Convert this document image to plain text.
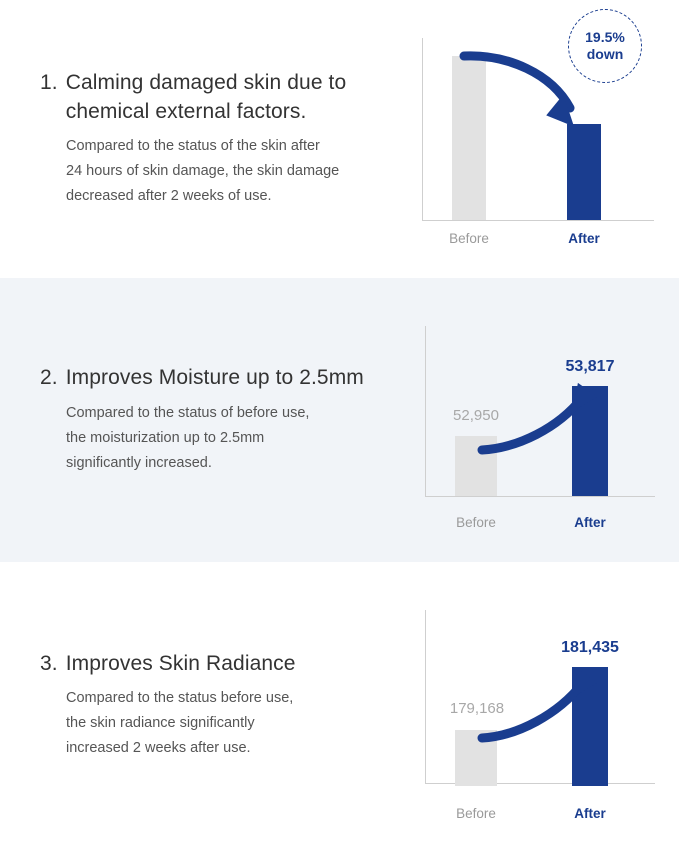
1. Calming damaged skin due to
chemical external factors.
Compared to the status of the skin after
24 hours of skin damage, the skin damage
decreased after 2 weeks of use.
Before	After
19.5%
down
2. Improves Moisture up to 2.5mm
Compared to the status of before use,
the moisturization up to 2.5mm
significantly increased.
52,950
53,817
Before	After
3. Improves Skin Radiance
Compared to the status before use,
the skin radiance significantly
increased 2 weeks after use.
179,168
181,435
Before	After
